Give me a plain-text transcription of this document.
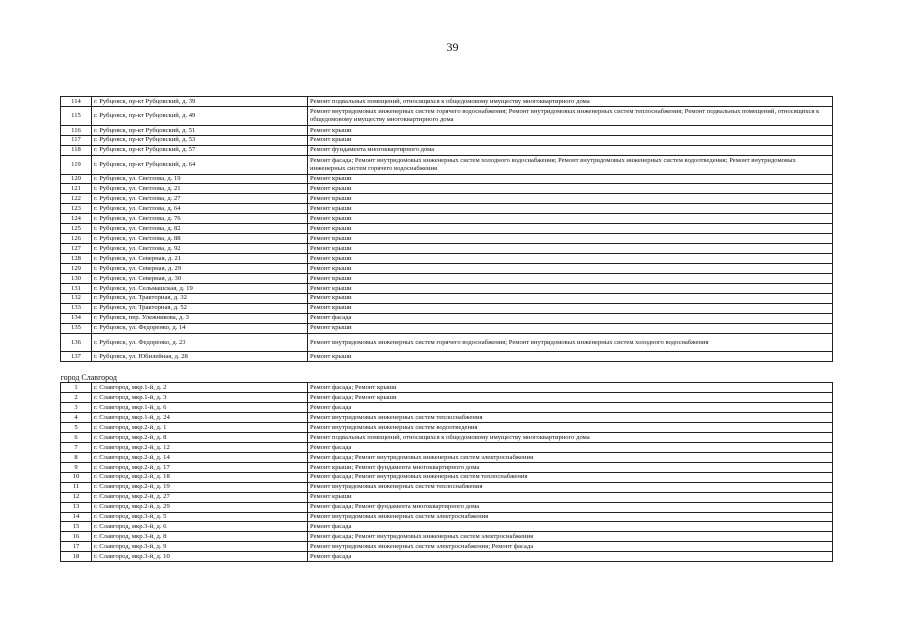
39
114	г. Рубцовск, пр-кт Рубцовский, д. 39	Ремонт подвальных помещений, относящихся к общедомовому имуществу многоквартирного дома
115	г. Рубцовск, пр-кт Рубцовский, д. 49	Ремонт внутридомовых инженерных систем горячего водоснабжения; Ремонт внутридомовых инженерных систем теплоснабжения; Ремонт подвальных помещений, относящихся к общедомовому имуществу многоквартирного дома
116	г. Рубцовск, пр-кт Рубцовский, д. 51	Ремонт крыши
117	г. Рубцовск, пр-кт Рубцовский, д. 53	Ремонт крыши
118	г. Рубцовск, пр-кт Рубцовский, д. 57	Ремонт фундамента многоквартирного дома
119	г. Рубцовск, пр-кт Рубцовский, д. 64	Ремонт фасада; Ремонт внутридомовых инженерных систем холодного водоснабжения; Ремонт внутридомовых инженерных систем водоотведения; Ремонт внутридомовых инженерных систем горячего водоснабжения
120	г. Рубцовск, ул. Светлова, д. 19	Ремонт крыши
121	г. Рубцовск, ул. Светлова, д. 21	Ремонт крыши
122	г. Рубцовск, ул. Светлова, д. 27	Ремонт крыши
123	г. Рубцовск, ул. Светлова, д. 64	Ремонт крыши
124	г. Рубцовск, ул. Светлова, д. 76	Ремонт крыши
125	г. Рубцовск, ул. Светлова, д. 82	Ремонт крыши
126	г. Рубцовск, ул. Светлова, д. 88	Ремонт крыши
127	г. Рубцовск, ул. Светлова, д. 92	Ремонт крыши
128	г. Рубцовск, ул. Северная, д. 21	Ремонт крыши
129	г. Рубцовск, ул. Северная, д. 29	Ремонт крыши
130	г. Рубцовск, ул. Северная, д. 30	Ремонт крыши
131	г. Рубцовск, ул. Сельмашская, д. 19	Ремонт крыши
132	г. Рубцовск, ул. Тракторная, д. 32	Ремонт крыши
133	г. Рубцовск, ул. Тракторная, д. 52	Ремонт крыши
134	г. Рубцовск, пер. Улежникова, д. 3	Ремонт фасада
135	г. Рубцовск, ул. Федоренко, д. 14	Ремонт крыши
136	г. Рубцовск, ул. Федоренко, д. 23	Ремонт внутридомовых инженерных систем горячего водоснабжения; Ремонт внутридомовых инженерных систем холодного водоснабжения
137	г. Рубцовск, ул. Юбилейная, д. 28	Ремонт крыши
город Славгород		
1	г. Славгород, мкр.1-й, д. 2	Ремонт фасада; Ремонт крыши
2	г. Славгород, мкр.1-й, д. 3	Ремонт фасада; Ремонт крыши
3	г. Славгород, мкр.1-й, д. 6	Ремонт фасада
4	г. Славгород, мкр.1-й, д. 24	Ремонт внутридомовых инженерных систем теплоснабжения
5	г. Славгород, мкр.2-й, д. 1	Ремонт внутридомовых инженерных систем водоотведения
6	г. Славгород, мкр.2-й, д. 8	Ремонт подвальных помещений, относящихся к общедомовому имуществу многоквартирного дома
7	г. Славгород, мкр.2-й, д. 12	Ремонт фасада
8	г. Славгород, мкр.2-й, д. 14	Ремонт фасада; Ремонт внутридомовых инженерных систем электроснабжения
9	г. Славгород, мкр.2-й, д. 17	Ремонт крыши; Ремонт фундамента многоквартирного дома
10	г. Славгород, мкр.2-й, д. 18	Ремонт фасада; Ремонт внутридомовых инженерных систем теплоснабжения
11	г. Славгород, мкр.2-й, д. 19	Ремонт внутридомовых инженерных систем теплоснабжения
12	г. Славгород, мкр.2-й, д. 27	Ремонт крыши
13	г. Славгород, мкр.2-й, д. 29	Ремонт фасада; Ремонт фундамента многоквартирного дома
14	г. Славгород, мкр.3-й, д. 5	Ремонт внутридомовых инженерных систем электроснабжения
15	г. Славгород, мкр.3-й, д. 6	Ремонт фасада
16	г. Славгород, мкр.3-й, д. 8	Ремонт фасада; Ремонт внутридомовых инженерных систем электроснабжения
17	г. Славгород, мкр.3-й, д. 9	Ремонт внутридомовых инженерных систем электроснабжения; Ремонт фасада
18	г. Славгород, мкр.3-й, д. 10	Ремонт фасада
